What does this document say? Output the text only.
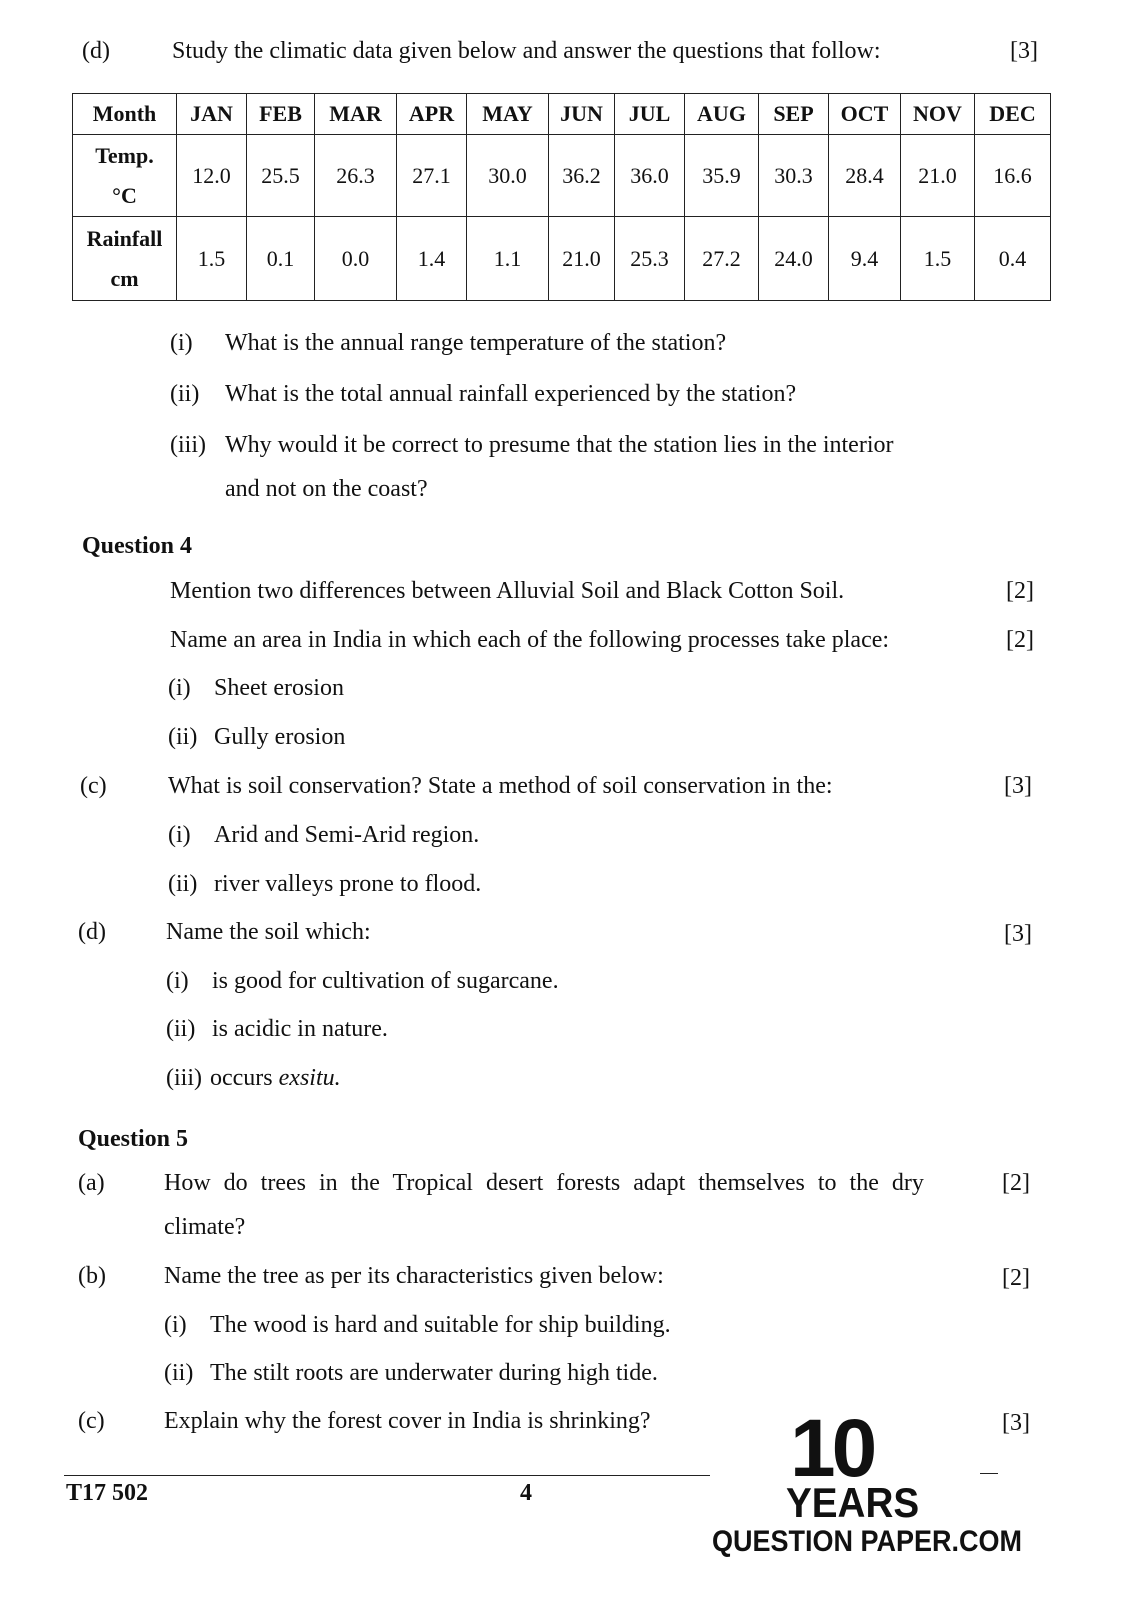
(d)	Study the climatic data given below and answer the questions that follow:	[3]
Month	JAN	FEB	MAR	APR	MAY	JUN	JUL	AUG	SEP	OCT	NOV	DEC

Temp.
°C	12.0	25.5	26.3	27.1	30.0	36.2	36.0	35.9	30.3	28.4	21.0	16.6

Rainfall
cm	1.5	0.1	0.0	1.4	1.1	21.0	25.3	27.2	24.0	9.4	1.5	0.4
(i) What is the annual range temperature of the station?
(ii) What is the total annual rainfall experienced by the station?
(iii) Why would it be correct to presume that the station lies in the interior
and not on the coast?
Question 4
Mention two differences between Alluvial Soil and Black Cotton Soil.	[2]
Name an area in India in which each of the following processes take place:	[2]
(i) Sheet erosion
(ii) Gully erosion
(c)	What is soil conservation? State a method of soil conservation in the:	[3]
(i) Arid and Semi-Arid region.
(ii) river valleys prone to flood.
(d)	Name the soil which:	[3]
(i) is good for cultivation of sugarcane.
(ii) is acidic in nature.
(iii) occurs exsitu.
Question 5
(a) How do trees in the Tropical desert forests adapt themselves to the dry	[2]
climate?
(b) Name the tree as per its characteristics given below:	[2]
(i) The wood is hard and suitable for ship building.
(ii) The stilt roots are underwater during high tide.
(c) Explain why the forest cover in India is shrinking?	[3]
T17 502	4	10
YEARS
QUESTION PAPER.COM
